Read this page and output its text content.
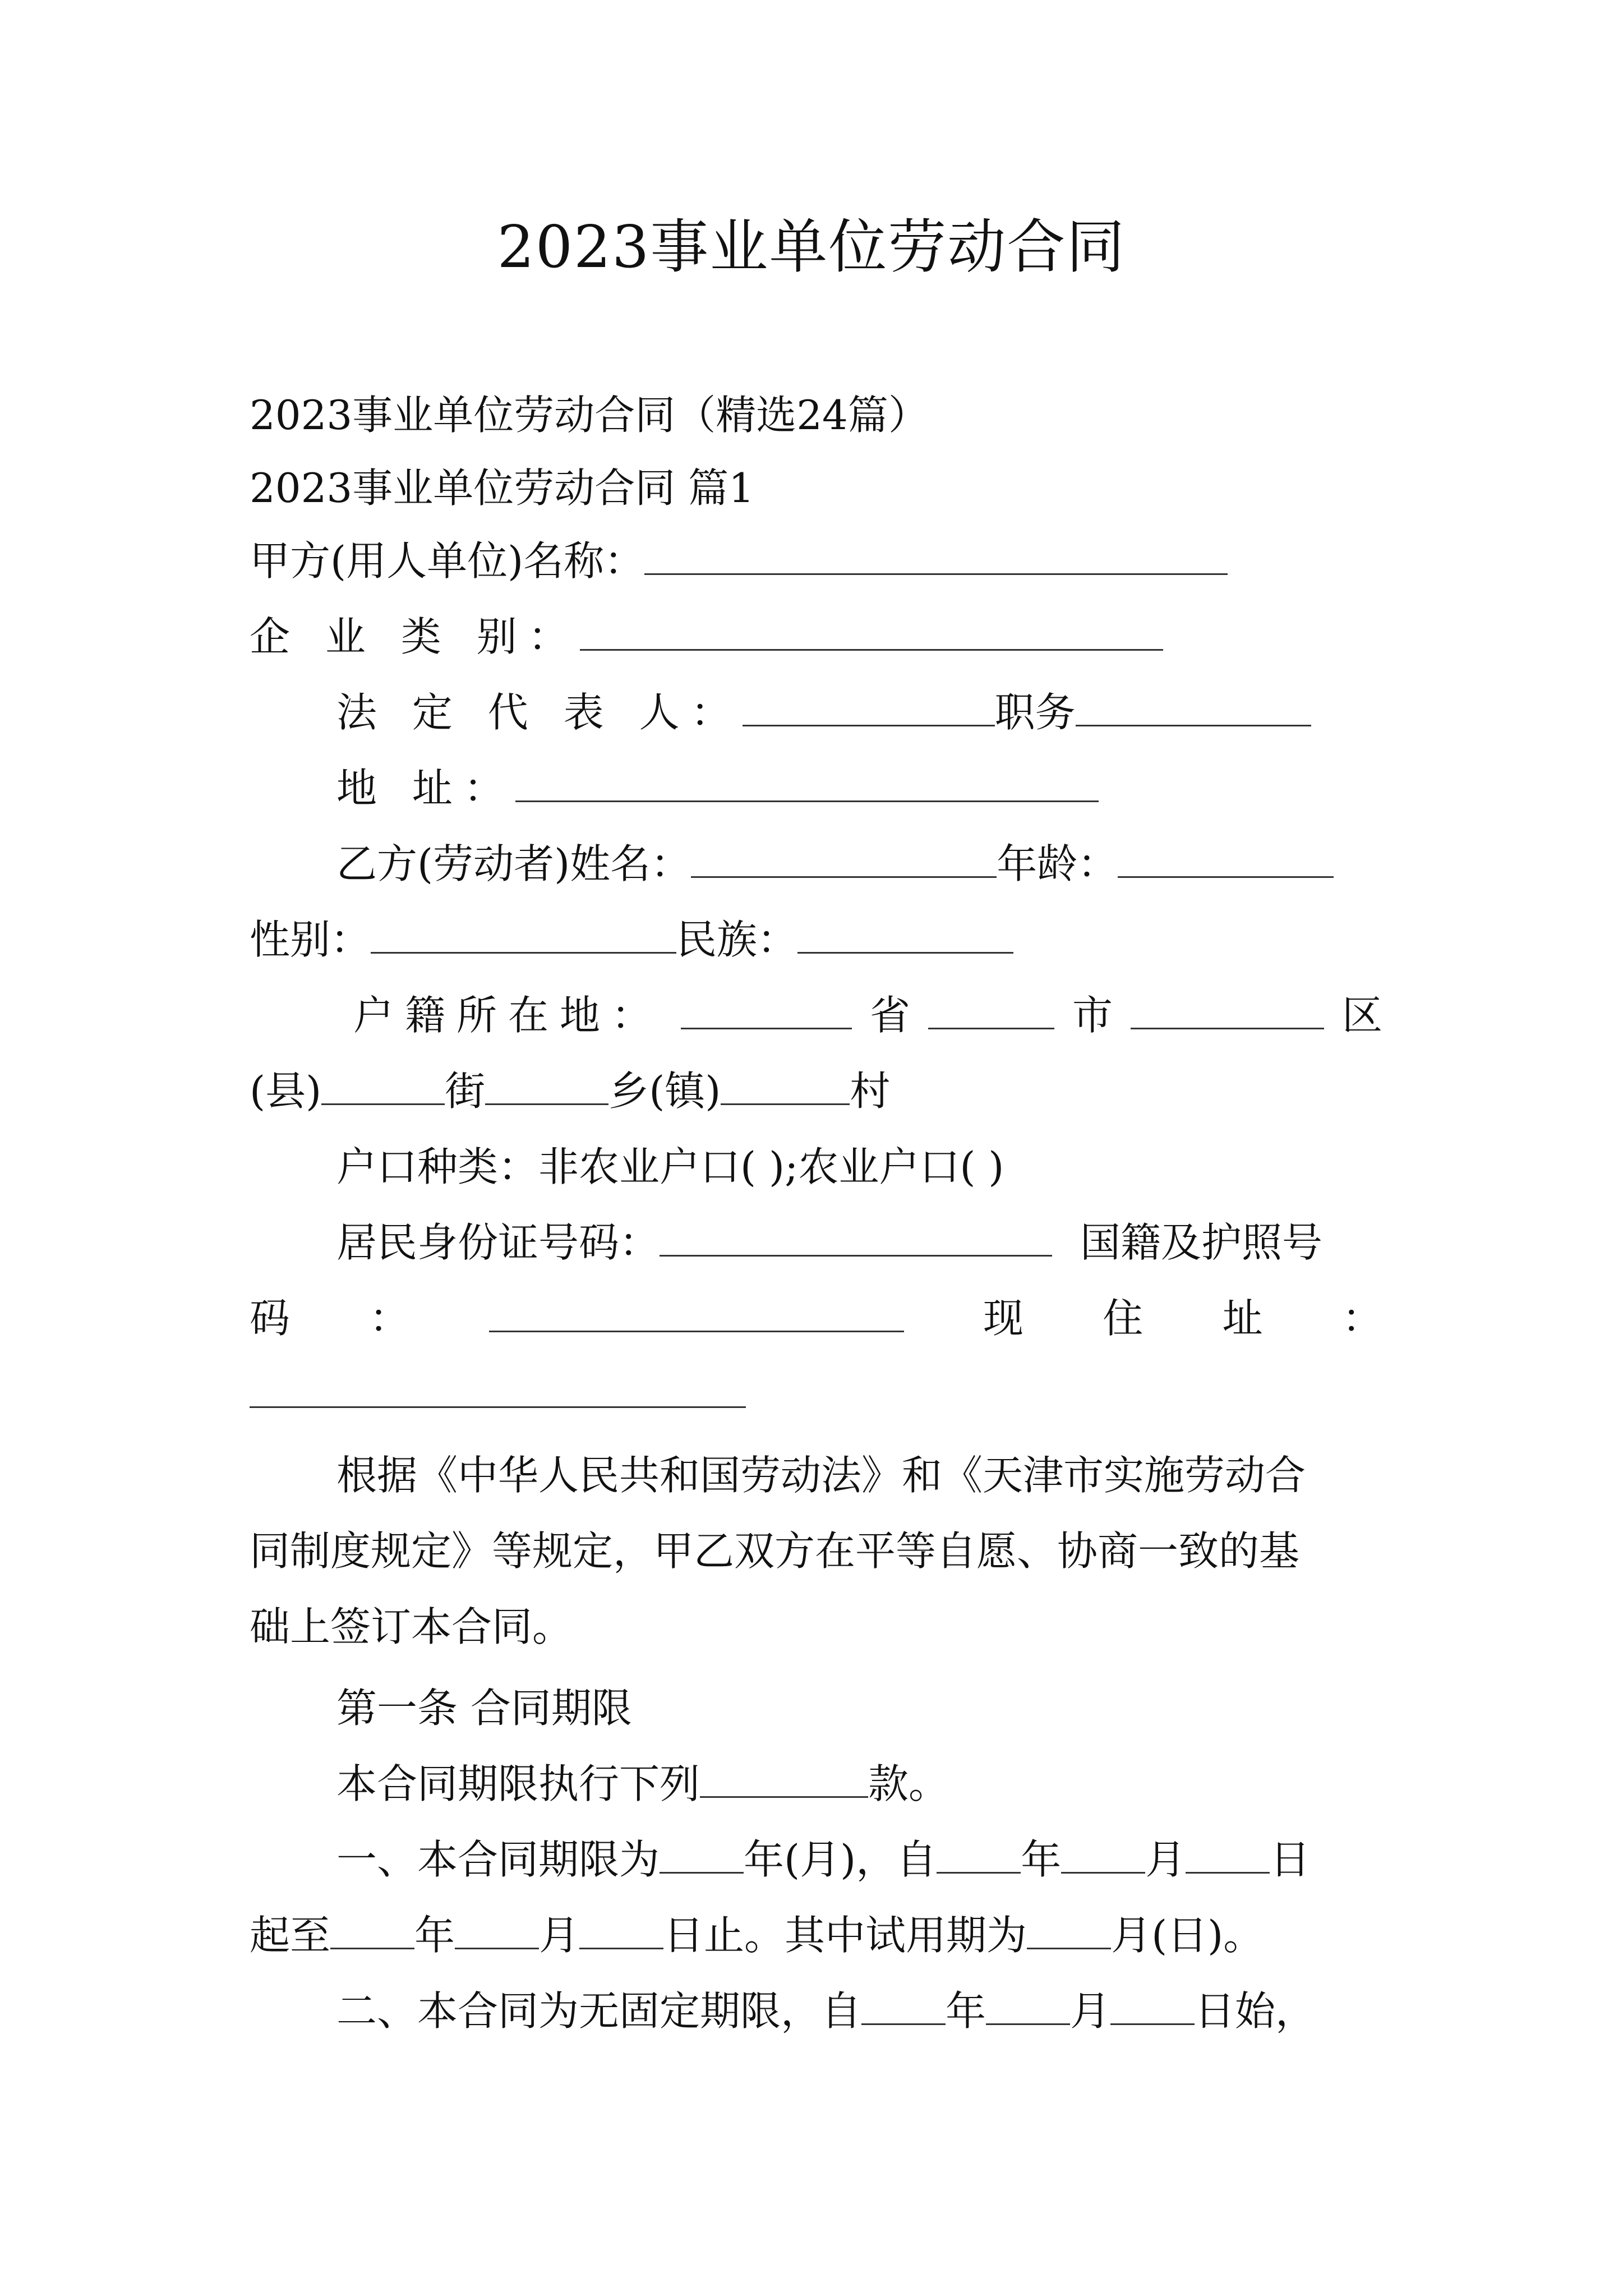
2023事业单位劳动合同
2023事业单位劳动合同（精选24篇）
2023事业单位劳动合同 篇1
甲方(用人单位)名称：
企 业 类 别：
法 定 代 表 人：	职务
地 址：
乙方(劳动者)姓名：	年龄：
性别：	民族：
户籍所在地：	省	市	区
(县)	街	乡(镇)	村
户口种类：非农业户口( );农业户口( )
居民身份证号码：	国籍及护照号
码 ：	现 住 址 ：
根据《中华人民共和国劳动法》和《天津市实施劳动合
同制度规定》等规定，甲乙双方在平等自愿、协商一致的基
础上签订本合同。
第一条 合同期限
本合同期限执行下列	款。
一、本合同期限为 年(月)，自 年 月 日
起至 年 月 日止。其中试用期为 月(日)。
二、本合同为无固定期限，自 年 月 日始，
